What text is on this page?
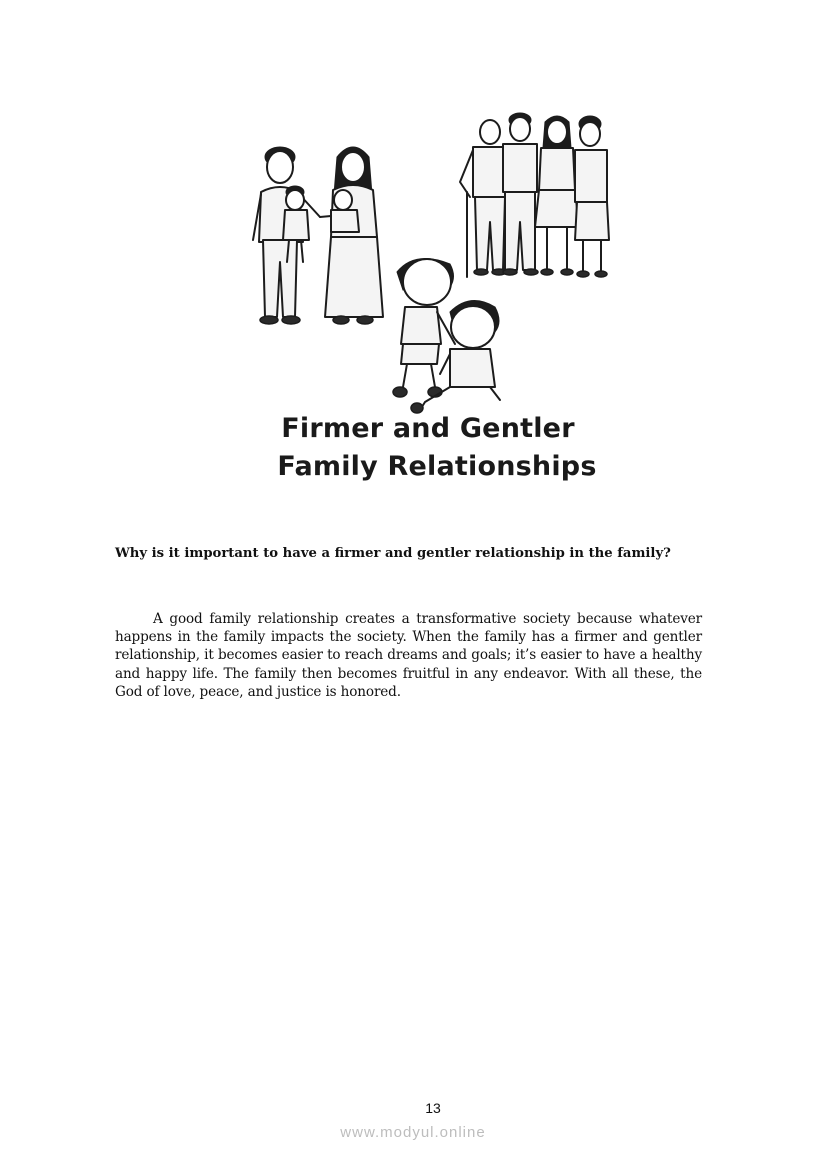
Firmer and Gentler
Family Relationships
Why is it important to have a firmer and gentler relationship in the family?
A good family relationship creates a transformative society because whatever happens in the family impacts the society. When the family has a firmer and gentler relationship, it becomes easier to reach dreams and goals; it’s easier to have a healthy and happy life. The family then becomes fruitful in any endeavor. With all these, the God of love, peace, and justice is honored.
13
www.modyul.online
